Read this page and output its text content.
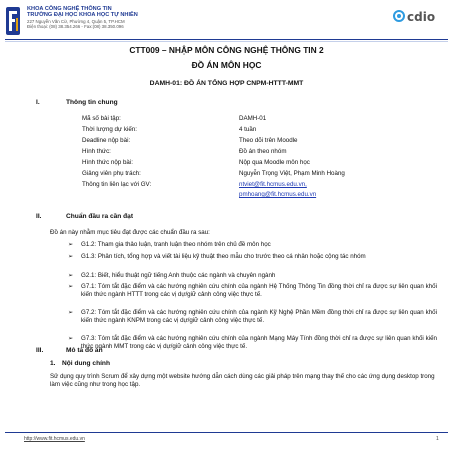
KHOA CÔNG NGHỆ THÔNG TIN
TRƯỜNG ĐẠI HỌC KHOA HỌC TỰ NHIÊN
227 Nguyễn Văn Cừ, Phường 4, Quận 5, TP.HCM
Điện thoại: (08) 38.354.266 - Fax:(08) 38.350.096
cdio
CTT009 – NHẬP MÔN CÔNG NGHỆ THÔNG TIN 2
ĐỒ ÁN MÔN HỌC
DAMH-01: ĐỒ ÁN TỔNG HỢP CNPM-HTTT-MMT
I.	Thông tin chung
Mã số bài tập:	DAMH-01
Thời lượng dự kiến:	4 tuần
Deadline nộp bài:	Theo dõi trên Moodle
Hình thức:	Đồ án theo nhóm
Hình thức nộp bài:	Nộp qua Moodle môn học
Giảng viên phụ trách:	Nguyễn Trọng Việt, Phạm Minh Hoàng
Thông tin liên lạc với GV:	ntviet@fit.hcmus.edu.vn,
pmhoang@fit.hcmus.edu.vn
II.	Chuẩn đầu ra cần đạt
Đồ án này nhằm mục tiêu đạt được các chuẩn đầu ra sau:
➢ G1.2: Tham gia thảo luận, tranh luận theo nhóm trên chủ đề môn học
➢ G1.3: Phân tích, tổng hợp và viết tài liệu kỹ thuật theo mẫu cho trước theo cá nhân hoặc cộng tác nhóm
➢ G2.1: Biết, hiểu thuật ngữ tiếng Anh thuộc các ngành và chuyên ngành
➢ G7.1: Tóm tắt đặc điểm và các hướng nghiên cứu chính của ngành Hệ Thống Thông Tin đồng thời chỉ ra được sự liên quan khối kiến thức ngành HTTT trong các vị dự/giữ cảnh công việc thực tế.
➢ G7.2: Tóm tắt đặc điểm và các hướng nghiên cứu chính của ngành Kỹ Nghệ Phần Mềm đồng thời chỉ ra được sự liên quan khối kiến thức ngành KNPM trong các vị dự/giữ cảnh công việc thực tế.
➢ G7.3: Tóm tắt đặc điểm và các hướng nghiên cứu chính của ngành Mạng Máy Tính đồng thời chỉ ra được sự liên quan khối kiến thức ngành MMT trong các vị dự/giữ cảnh công việc thực tế.
III.	Mô tả đồ án
1. Nội dung chính
Sử dụng quy trình Scrum để xây dựng một website hướng dẫn cách dùng các giải pháp trên mạng thay thế cho các ứng dụng desktop trong làm việc cũng như trong học tập.
http://www.fit.hcmus.edu.vn	1
